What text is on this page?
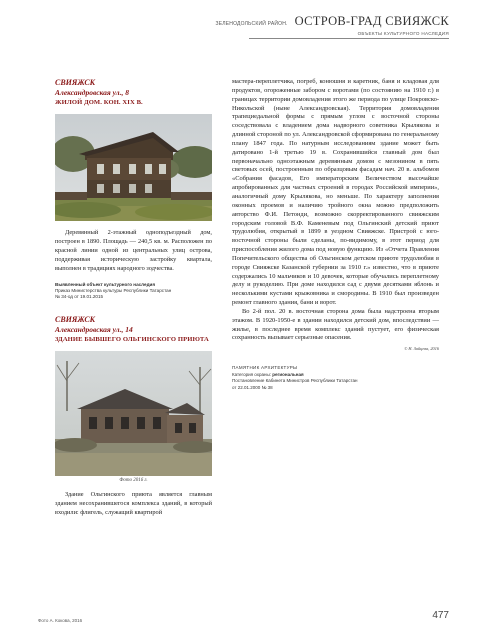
ЗЕЛЕНОДОЛЬСКИЙ РАЙОН. ОСТРОВ-ГРАД СВИЯЖСК
ОБЪЕКТЫ КУЛЬТУРНОГО НАСЛЕДИЯ
СВИЯЖСК
Александровская ул., 8
ЖИЛОЙ ДОМ. КОН. XIX В.

Деревянный 2-этажный одноподъездный дом, построен в 1890. Площадь — 240,5 кв. м. Расположен по красной линии одной из центральных улиц острова, поддерживая историческую застройку квартала, выполнен в традициях народного зодчества.

Выявленный объект культурного наследия
Приказ Министерства культуры Республики Татарстан
№ 34-од от 19.01.2015
СВИЯЖСК
Александровская ул., 14
ЗДАНИЕ БЫВШЕГО ОЛЬГИНСКОГО ПРИЮТА
Фото 2016 г.

Здание Ольгинского приюта является главным зданием несохранившегося комплекса зданий, в который входили: флигель, служащий квартирой

мастера-переплетчика, погреб, конюшня и каретник, баня и кладовая для продуктов, огороженные забором с воротами (по состоянию на 1910 г.) в границах территории домовладения этого же периода по улице Покровско-Никольской (ныне Александровская). Территория домовладения трапециедальной формы с прямым углом с восточной стороны соседствовала с владением дома надворного советника Крылякова и длинной стороной по ул. Александровской сформирована по генеральному плану 1847 года. По натурным исследованиям здание может быть датировано 1-й третью 19 в. Сохранившийся главный дом был первоначально одноэтажным деревянным домом с мезонином в пять световых осей, построенным по образцовым фасадам нач. 20 в. альбомов «Собрания фасадов, Его императорским Величеством высочайше апробированных для частных строений в городах Российской империи», аналогичный дому Крылякова, но меньше. По характеру заполнения оконных проемов и наличию тройного окна можно предположить авторство Ф.И. Петонди, возможно скорректированного свияжским городским головой В.Ф. Каменевым под Ольгинский детский приют трудолюбия, открытый в 1899 в уездном Свияжске. Пристрой с юго-восточной стороны были сделаны, по-видимому, в этот период для приспособления жилого дома под новую функцию. Из «Отчета Правления Попечительского общества об Ольгинском детском приюте трудолюбия в городе Свияжске Казанской губернии за 1910 г.» известно, что в приюте содержались 10 мальчиков и 10 девочек, которые обучались переплетному делу и рукоделию. При доме находился сад с двумя десятками яблонь и несколькими кустами крыжовника и смородины. В 1910 был произведен ремонт главного здания, бани и ворот.

Во 2-й пол. 20 в. восточная сторона дома была надстроена вторым этажом. В 1920-1950-е в здании находился детский дом, впоследствии — жилье, в последнее время комплекс зданий пустует, его физическая сохранность вызывает серьезные опасения.

© Н. Зайцева, 2016
ПАМЯТНИК АРХИТЕКТУРЫ
Категория охраны: региональная
Постановление Кабинета Министров Республики Татарстан
от 22.01.2000 № 38
Фото А. Кокова, 2016	477
